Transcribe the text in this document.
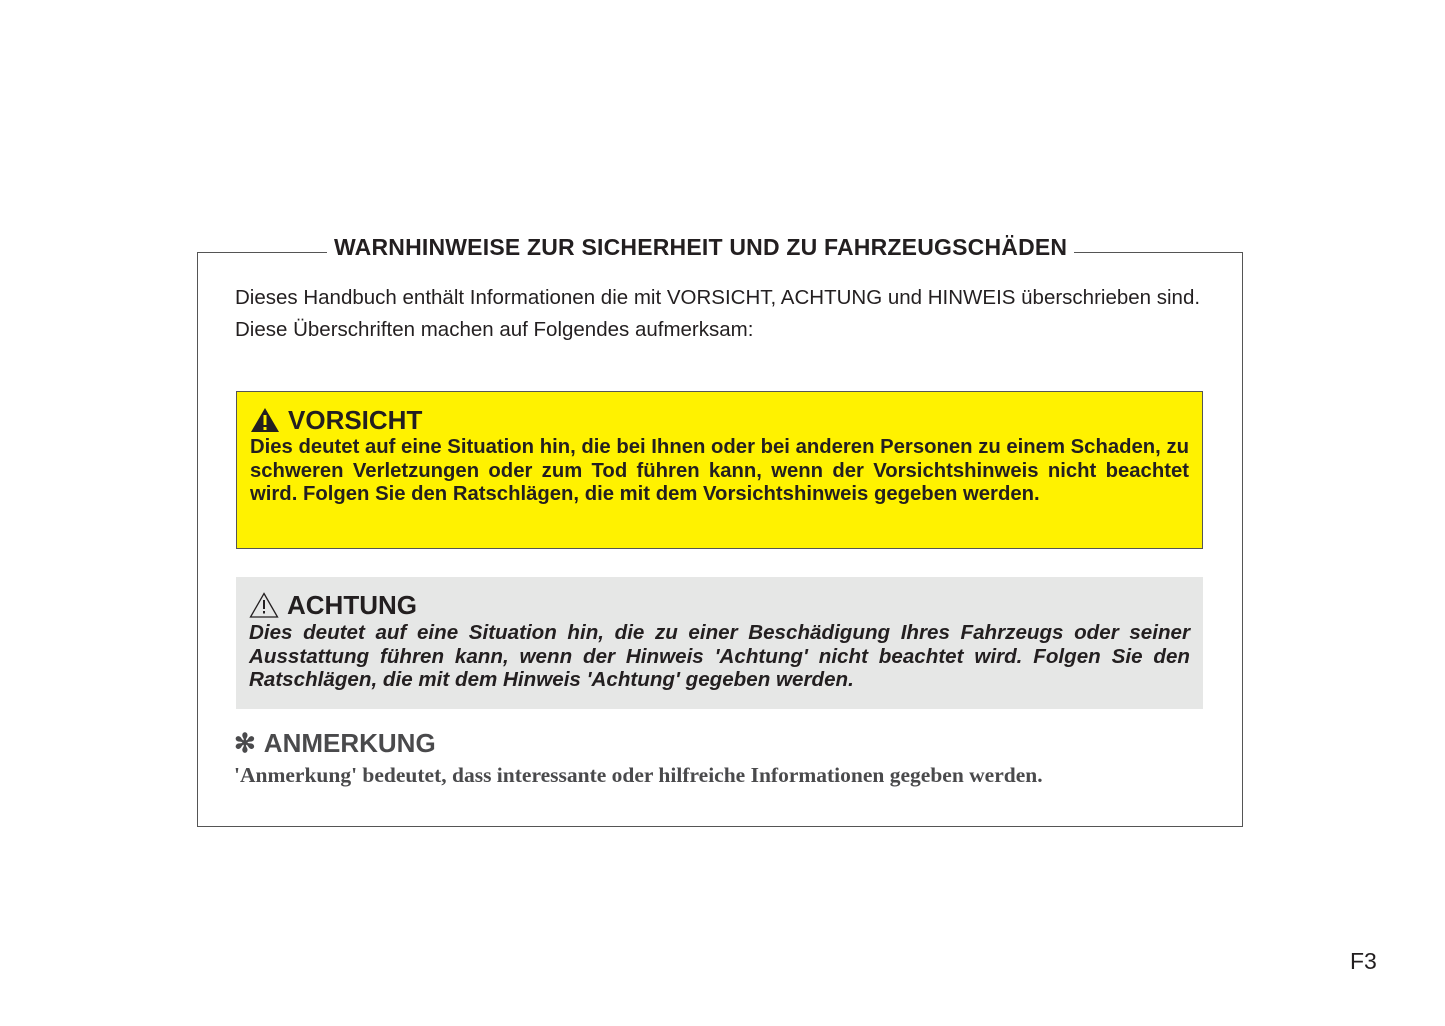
WARNHINWEISE ZUR SICHERHEIT UND ZU FAHRZEUGSCHÄDEN

Dieses Handbuch enthält Informationen die mit VORSICHT, ACHTUNG und HINWEIS überschrieben sind.

Diese Überschriften machen auf Folgendes aufmerksam:

VORSICHT
Dies deutet auf eine Situation hin, die bei Ihnen oder bei anderen Personen zu einem Schaden, zu schweren Verletzungen oder zum Tod führen kann, wenn der Vorsichtshinweis nicht beachtet wird. Folgen Sie den Ratschlägen, die mit dem Vorsichtshinweis gegeben werden.
ACHTUNG
Dies deutet auf eine Situation hin, die zu einer Beschädigung Ihres Fahrzeugs oder seiner Ausstattung führen kann, wenn der Hinweis 'Achtung' nicht beachtet wird. Folgen Sie den Ratschlägen, die mit dem Hinweis 'Achtung' gegeben werden.
✻ ANMERKUNG
'Anmerkung' bedeutet, dass interessante oder hilfreiche Informationen gegeben werden.
F3
